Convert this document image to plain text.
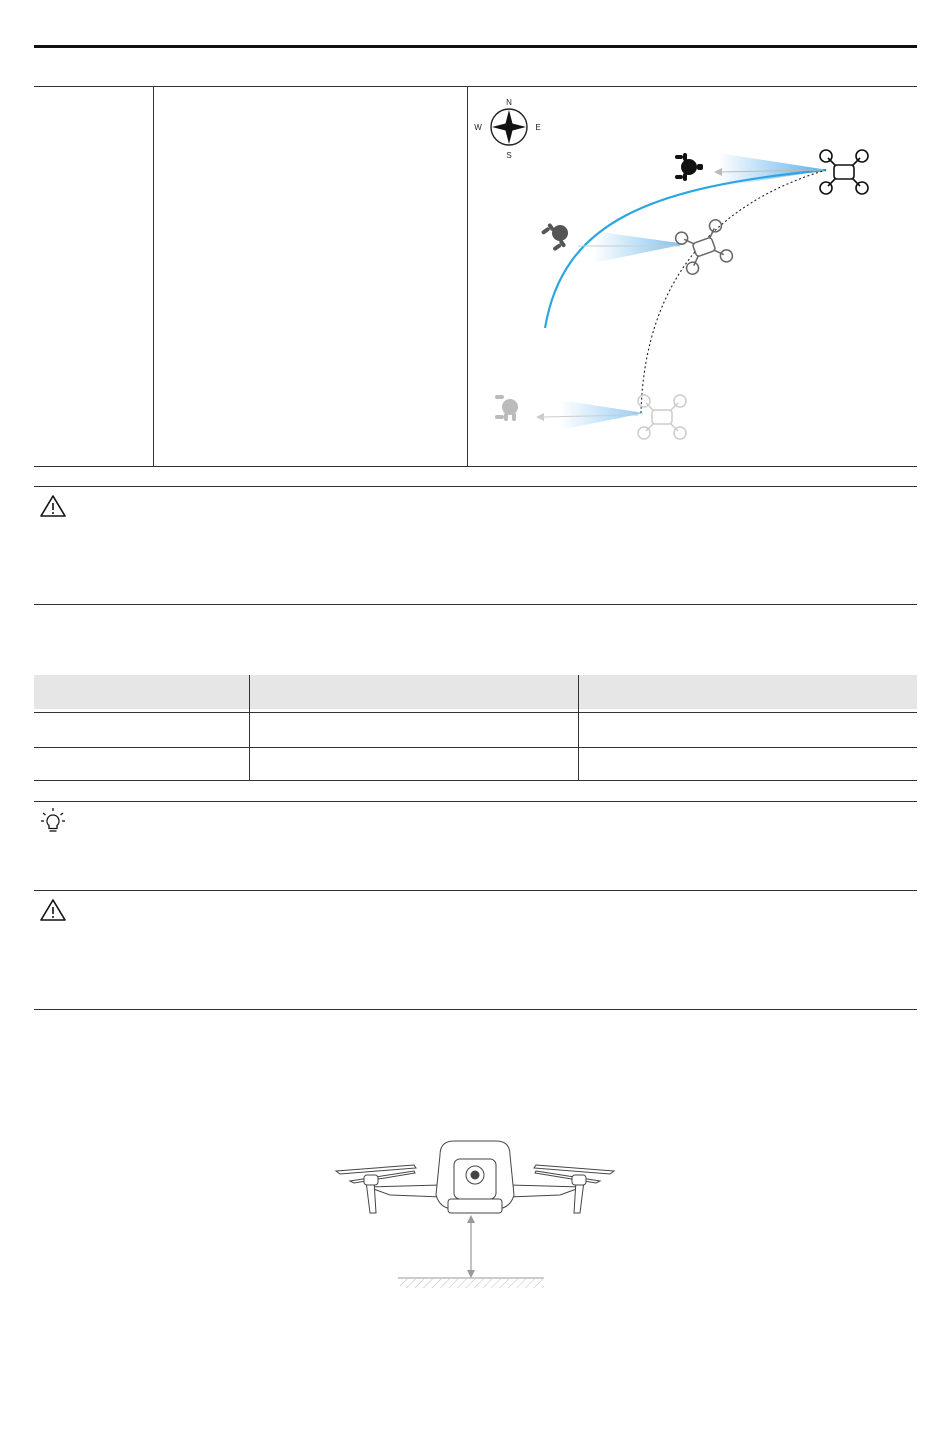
N
S
E
W
